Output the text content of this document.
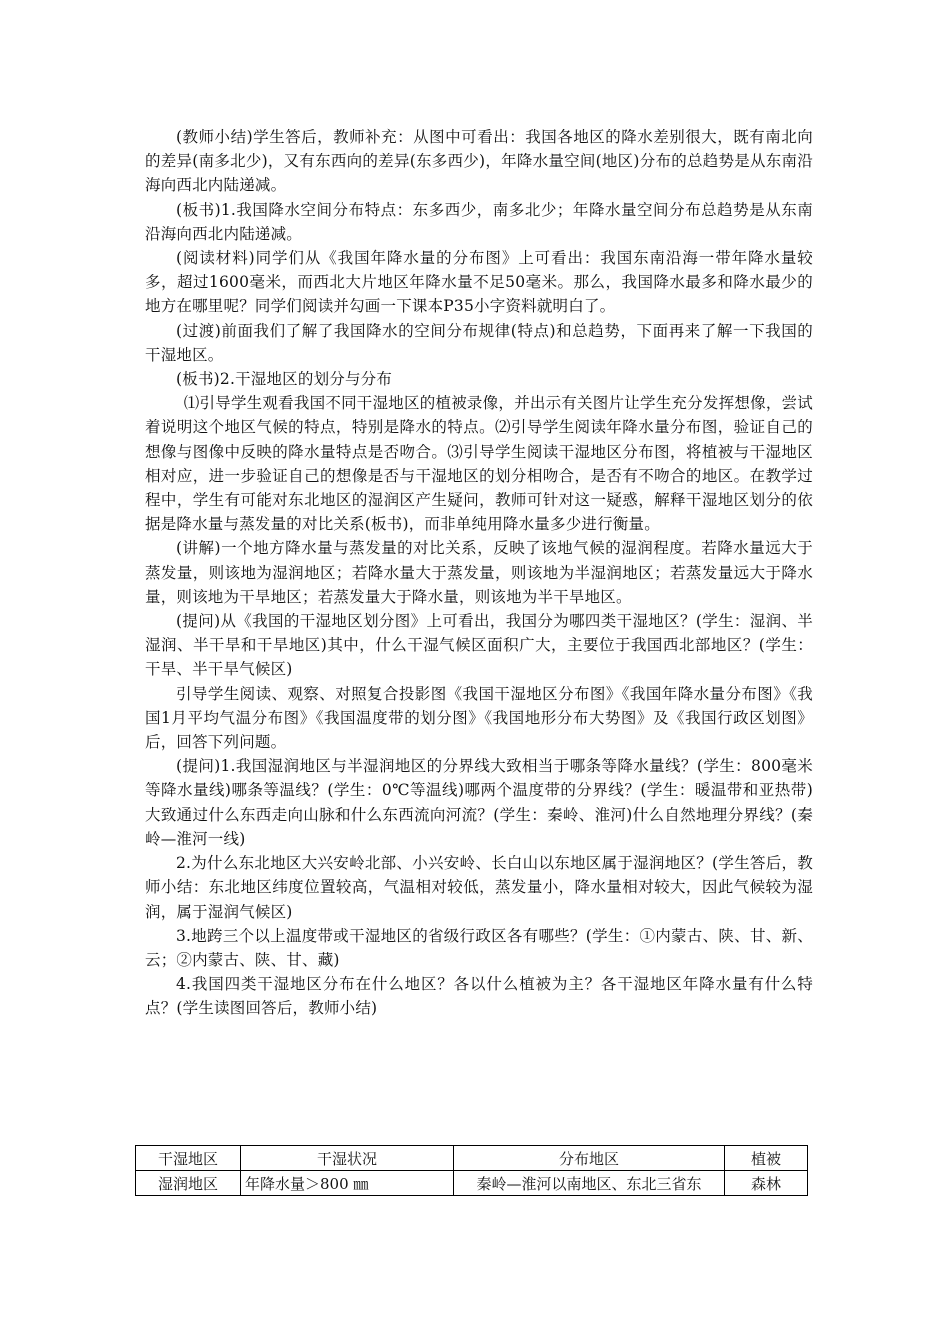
(教师小结)学生答后，教师补充：从图中可看出：我国各地区的降水差别很大，既有南北向的差异(南多北少)，又有东西向的差异(东多西少)，年降水量空间(地区)分布的总趋势是从东南沿海向西北内陆递减。

(板书)1.我国降水空间分布特点：东多西少，南多北少；年降水量空间分布总趋势是从东南沿海向西北内陆递减。

(阅读材料)同学们从《我国年降水量的分布图》上可看出：我国东南沿海一带年降水量较多，超过1600毫米，而西北大片地区年降水量不足50毫米。那么，我国降水最多和降水最少的地方在哪里呢？同学们阅读并勾画一下课本P35小字资料就明白了。

(过渡)前面我们了解了我国降水的空间分布规律(特点)和总趋势，下面再来了解一下我国的干湿地区。

(板书)2.干湿地区的划分与分布

⑴引导学生观看我国不同干湿地区的植被录像，并出示有关图片让学生充分发挥想像，尝试着说明这个地区气候的特点，特别是降水的特点。⑵引导学生阅读年降水量分布图，验证自己的想像与图像中反映的降水量特点是否吻合。⑶引导学生阅读干湿地区分布图，将植被与干湿地区相对应，进一步验证自己的想像是否与干湿地区的划分相吻合，是否有不吻合的地区。在教学过程中，学生有可能对东北地区的湿润区产生疑问，教师可针对这一疑惑，解释干湿地区划分的依据是降水量与蒸发量的对比关系(板书)，而非单纯用降水量多少进行衡量。

(讲解)一个地方降水量与蒸发量的对比关系，反映了该地气候的湿润程度。若降水量远大于蒸发量，则该地为湿润地区；若降水量大于蒸发量，则该地为半湿润地区；若蒸发量远大于降水量，则该地为干旱地区；若蒸发量大于降水量，则该地为半干旱地区。

(提问)从《我国的干湿地区划分图》上可看出，我国分为哪四类干湿地区？(学生：湿润、半湿润、半干旱和干旱地区)其中，什么干湿气候区面积广大，主要位于我国西北部地区？(学生：干旱、半干旱气候区)

引导学生阅读、观察、对照复合投影图《我国干湿地区分布图》《我国年降水量分布图》《我国1月平均气温分布图》《我国温度带的划分图》《我国地形分布大势图》及《我国行政区划图》后，回答下列问题。

(提问)1.我国湿润地区与半湿润地区的分界线大致相当于哪条等降水量线？(学生：800毫米等降水量线)哪条等温线？(学生：0℃等温线)哪两个温度带的分界线？(学生：暖温带和亚热带)大致通过什么东西走向山脉和什么东西流向河流？(学生：秦岭、淮河)什么自然地理分界线？(秦岭—淮河一线)

2.为什么东北地区大兴安岭北部、小兴安岭、长白山以东地区属于湿润地区？(学生答后，教师小结：东北地区纬度位置较高，气温相对较低，蒸发量小，降水量相对较大，因此气候较为湿润，属于湿润气候区)

3.地跨三个以上温度带或干湿地区的省级行政区各有哪些？(学生：①内蒙古、陕、甘、新、云；②内蒙古、陕、甘、藏)

4.我国四类干湿地区分布在什么地区？各以什么植被为主？各干湿地区年降水量有什么特点？(学生读图回答后，教师小结)

干湿地区	干湿状况	分布地区	植被
湿润地区	年降水量＞800 ㎜	秦岭—淮河以南地区、东北三省东	森林
